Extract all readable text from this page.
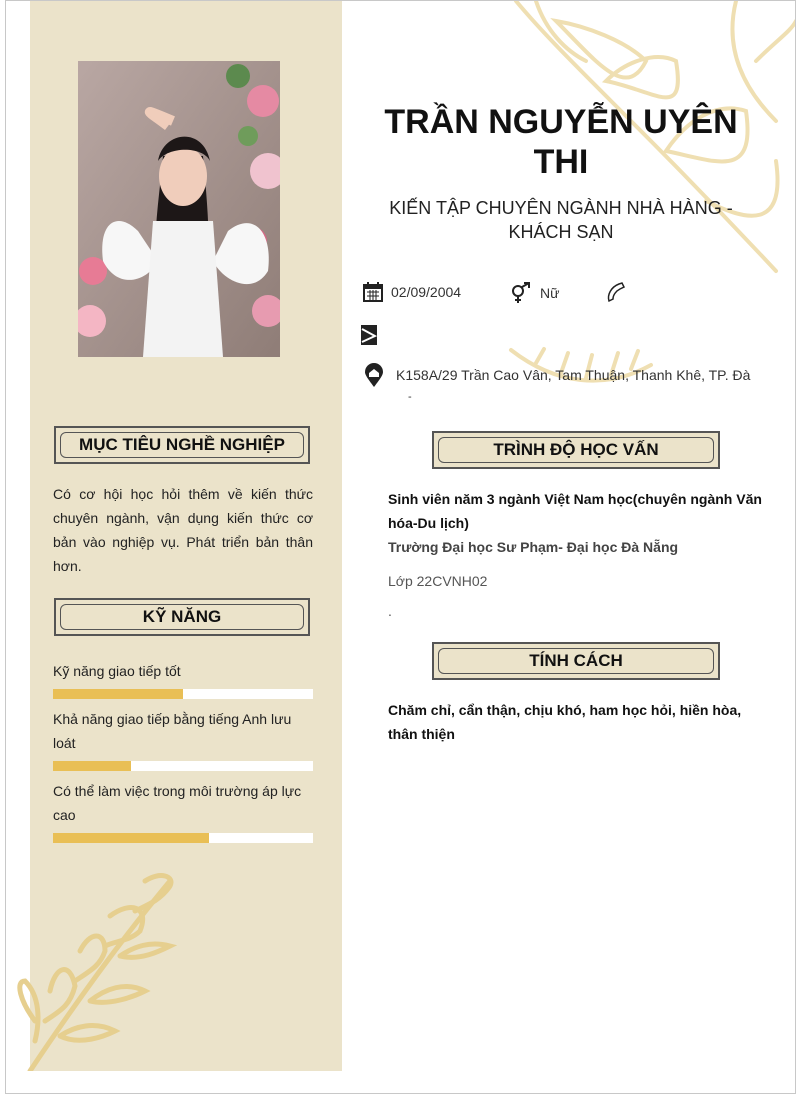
MỤC TIÊU NGHỀ NGHIỆP
Có cơ hội học hỏi thêm về kiến thức chuyên ngành, vận dụng kiến thức cơ bản vào nghiệp vụ. Phát triển bản thân hơn.
KỸ NĂNG
Kỹ năng giao tiếp tốt
Khả năng giao tiếp bằng tiếng Anh lưu loát
Có thể làm việc trong môi trường áp lực cao
TRẦN NGUYỄN UYÊN THI
KIẾN TẬP CHUYÊN NGÀNH NHÀ HÀNG - KHÁCH SẠN
02/09/2004	Nữ
K158A/29 Trần Cao Vân, Tam Thuận, Thanh Khê, TP. Đà
-
TRÌNH ĐỘ HỌC VẤN
Sinh viên năm 3 ngành Việt Nam học(chuyên ngành Văn hóa-Du lịch)
Trường Đại học Sư Phạm- Đại học Đà Nẵng
Lớp 22CVNH02
.
TÍNH CÁCH
Chăm chỉ, cẩn thận, chịu khó, ham học hỏi, hiền hòa, thân thiện
